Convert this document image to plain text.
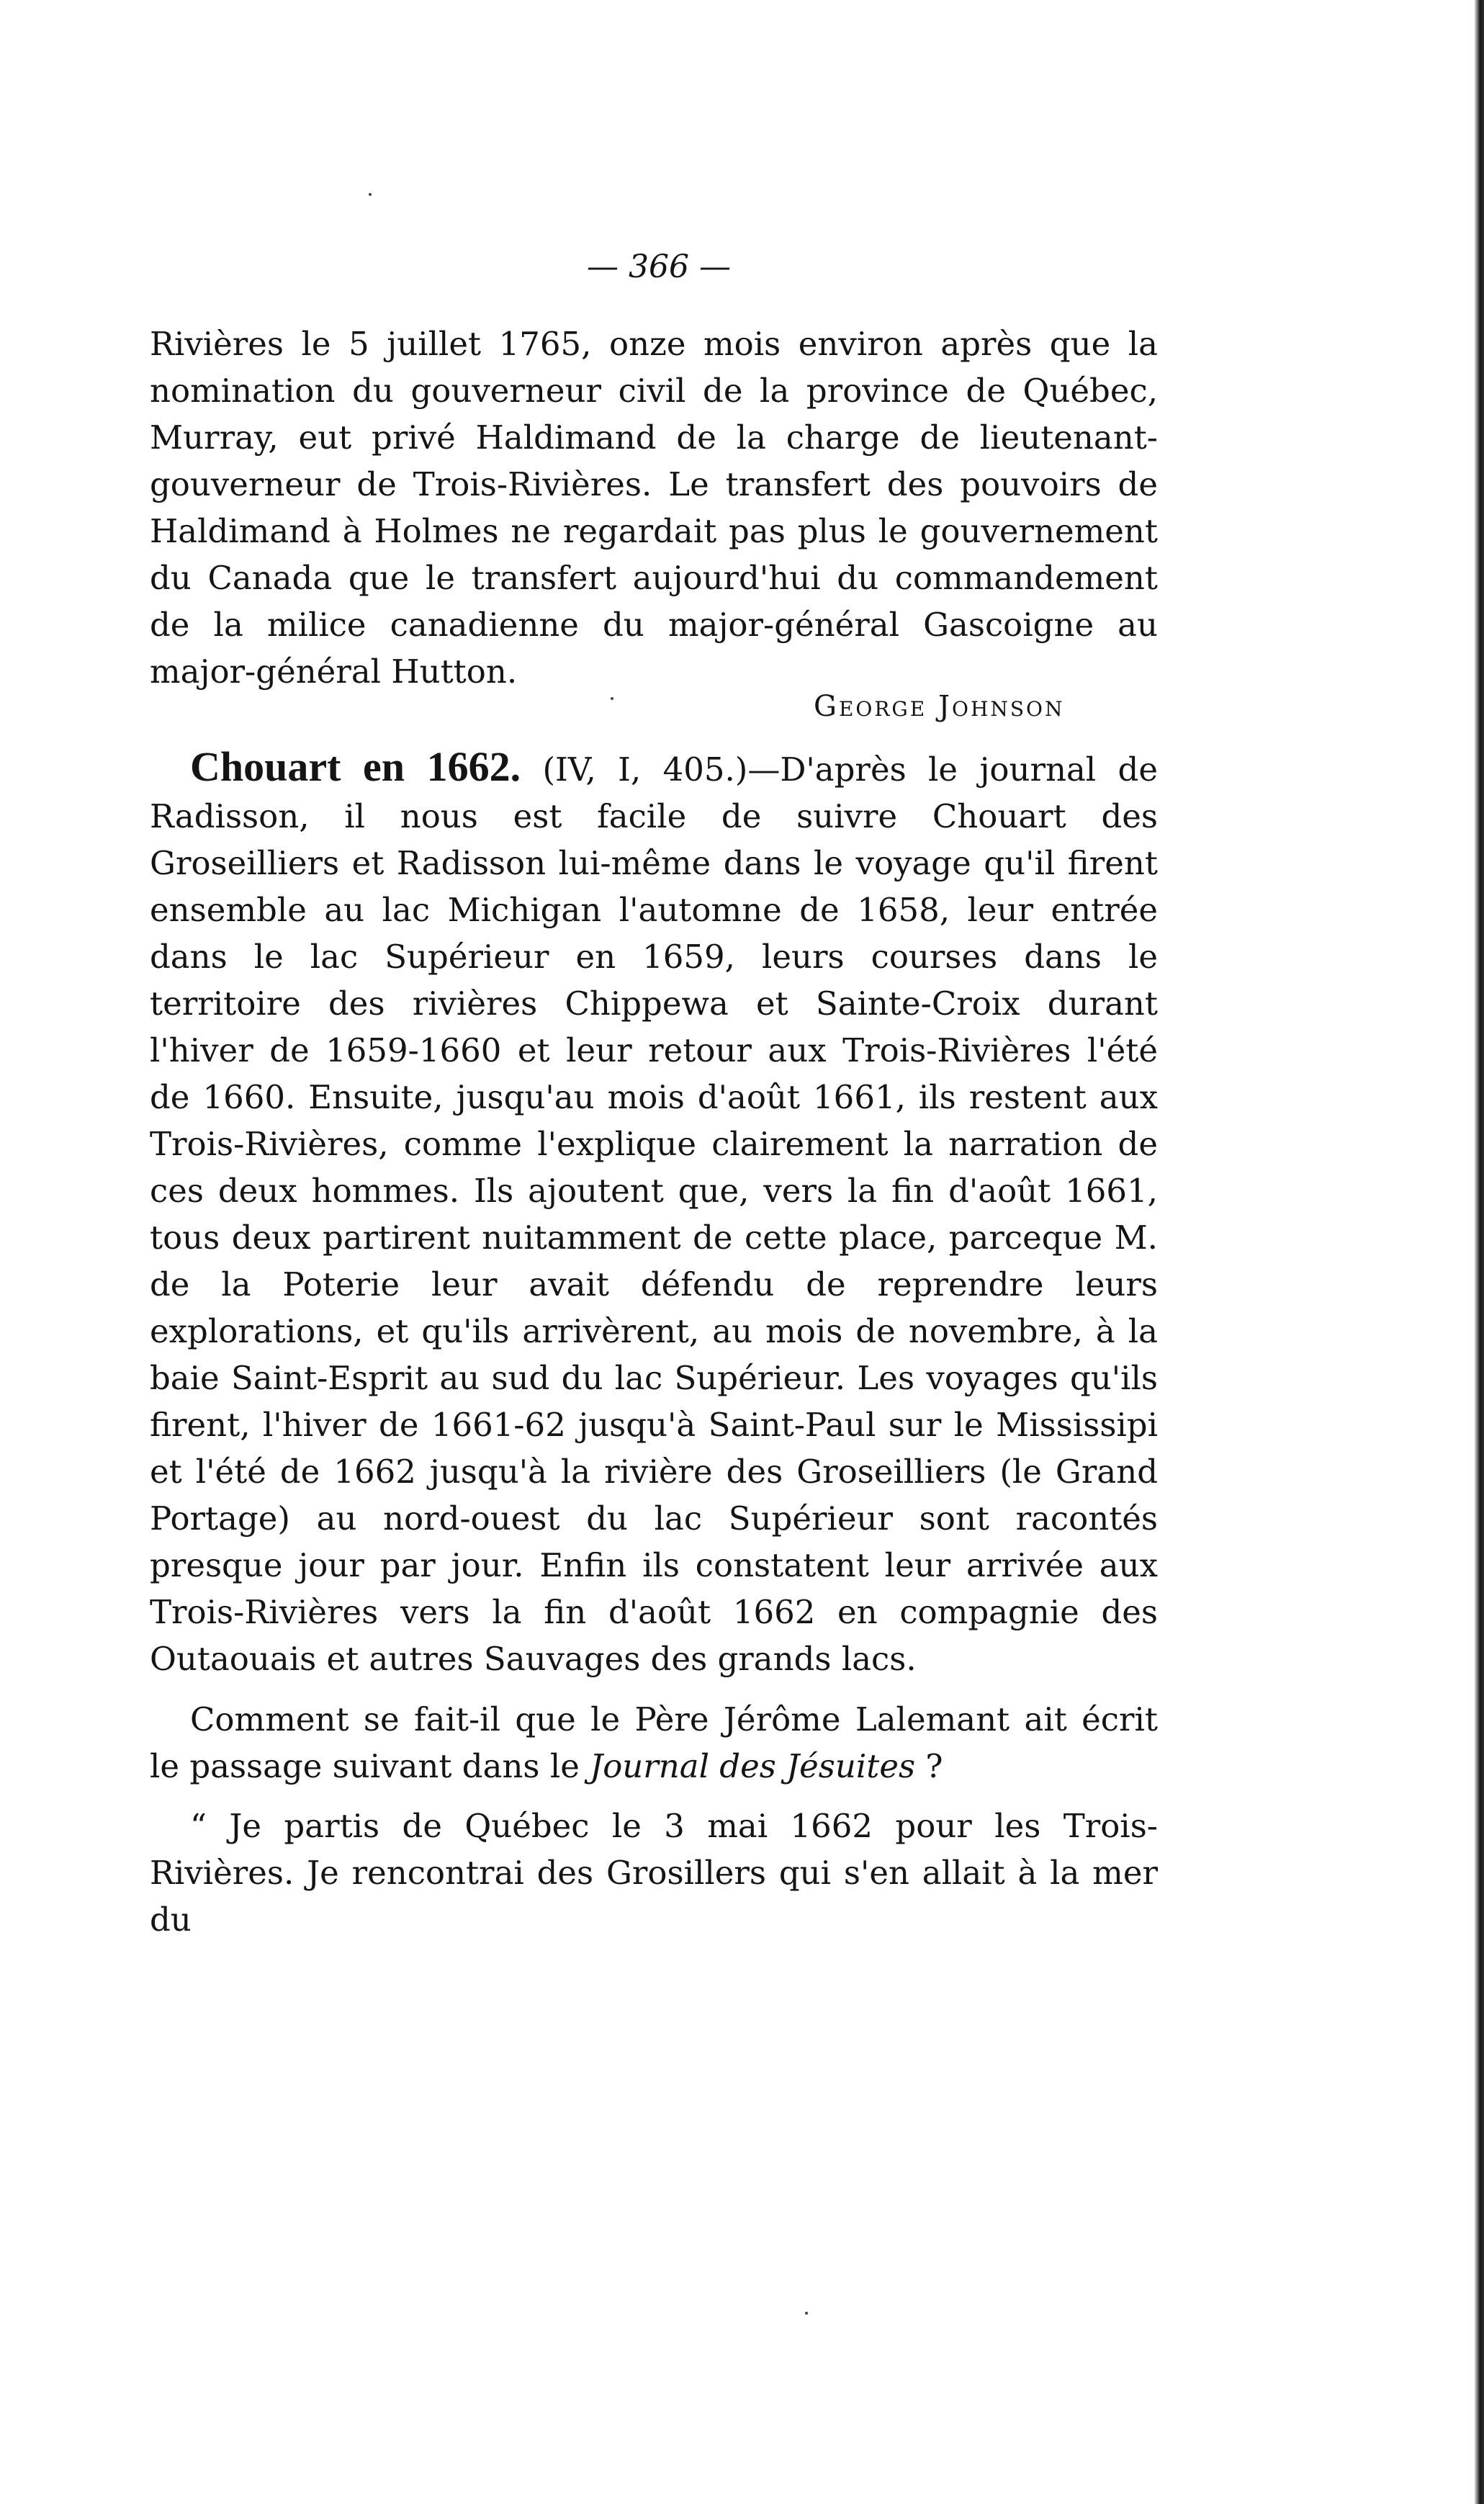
— 366 —

Rivières le 5 juillet 1765, onze mois environ après que la nomination du gouverneur civil de la province de Québec, Murray, eut privé Haldimand de la charge de lieutenant-gouverneur de Trois-Rivières. Le transfert des pouvoirs de Haldimand à Holmes ne regardait pas plus le gouvernement du Canada que le transfert aujourd'hui du commandement de la milice canadienne du major-général Gascoigne au major-général Hutton.

George Johnson

Chouart en 1662. (IV, I, 405.)—D'après le journal de Radisson, il nous est facile de suivre Chouart des Groseilliers et Radisson lui-même dans le voyage qu'il firent ensemble au lac Michigan l'automne de 1658, leur entrée dans le lac Supérieur en 1659, leurs courses dans le territoire des rivières Chippewa et Sainte-Croix durant l'hiver de 1659-1660 et leur retour aux Trois-Rivières l'été de 1660. Ensuite, jusqu'au mois d'août 1661, ils restent aux Trois-Rivières, comme l'explique clairement la narration de ces deux hommes. Ils ajoutent que, vers la fin d'août 1661, tous deux partirent nuitamment de cette place, parceque M. de la Poterie leur avait défendu de reprendre leurs explorations, et qu'ils arrivèrent, au mois de novembre, à la baie Saint-Esprit au sud du lac Supérieur. Les voyages qu'ils firent, l'hiver de 1661-62 jusqu'à Saint-Paul sur le Mississipi et l'été de 1662 jusqu'à la rivière des Groseilliers (le Grand Portage) au nord-ouest du lac Supérieur sont racontés presque jour par jour. Enfin ils constatent leur arrivée aux Trois-Rivières vers la fin d'août 1662 en compagnie des Outaouais et autres Sauvages des grands lacs.

Comment se fait-il que le Père Jérôme Lalemant ait écrit le passage suivant dans le Journal des Jésuites ?

“ Je partis de Québec le 3 mai 1662 pour les Trois-Rivières. Je rencontrai des Grosillers qui s'en allait à la mer du
